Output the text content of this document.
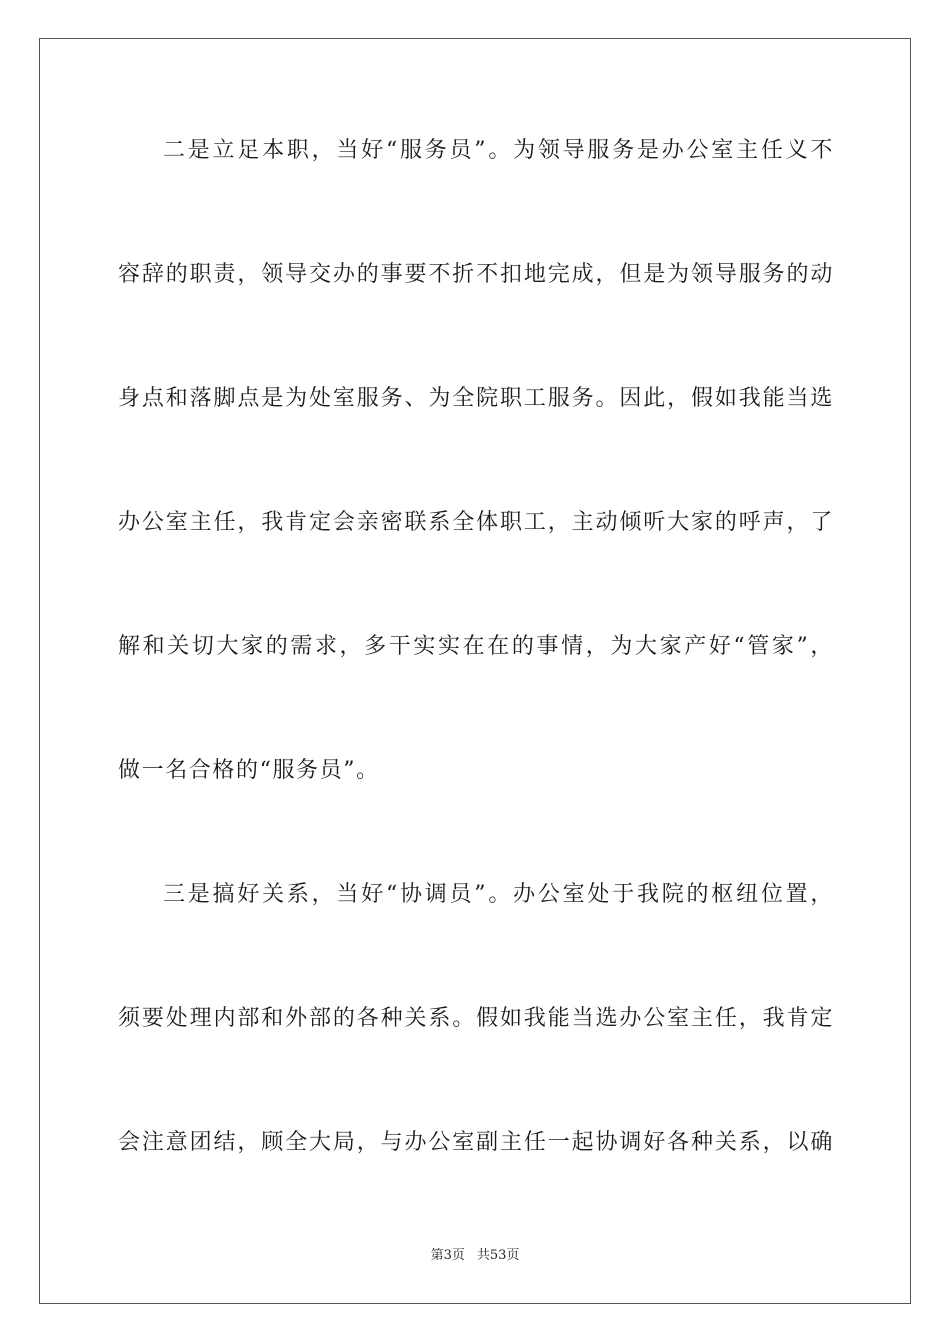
二是立足本职，当好“服务员”。为领导服务是办公室主任义不
容辞的职责，领导交办的事要不折不扣地完成，但是为领导服务的动
身点和落脚点是为处室服务、为全院职工服务。因此，假如我能当选
办公室主任，我肯定会亲密联系全体职工，主动倾听大家的呼声，了
解和关切大家的需求，多干实实在在的事情，为大家产好“管家”，
做一名合格的“服务员”。
三是搞好关系，当好“协调员”。办公室处于我院的枢纽位置，
须要处理内部和外部的各种关系。假如我能当选办公室主任，我肯定
会注意团结，顾全大局，与办公室副主任一起协调好各种关系，以确
第3页 共53页
